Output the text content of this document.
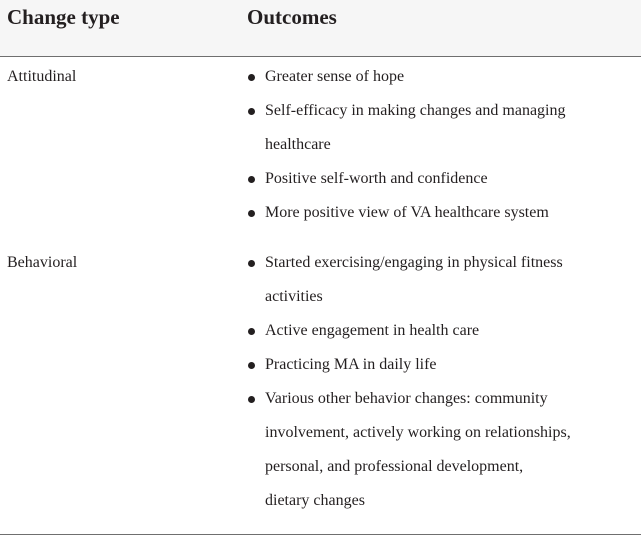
Change type	Outcomes
Attitudinal	Greater sense of hope
Self-efficacy in making changes and managing
healthcare
Positive self-worth and confidence
More positive view of VA healthcare system
Behavioral	Started exercising/engaging in physical fitness
activities
Active engagement in health care
Practicing MA in daily life
Various other behavior changes: community
involvement, actively working on relationships,
personal, and professional development,
dietary changes
